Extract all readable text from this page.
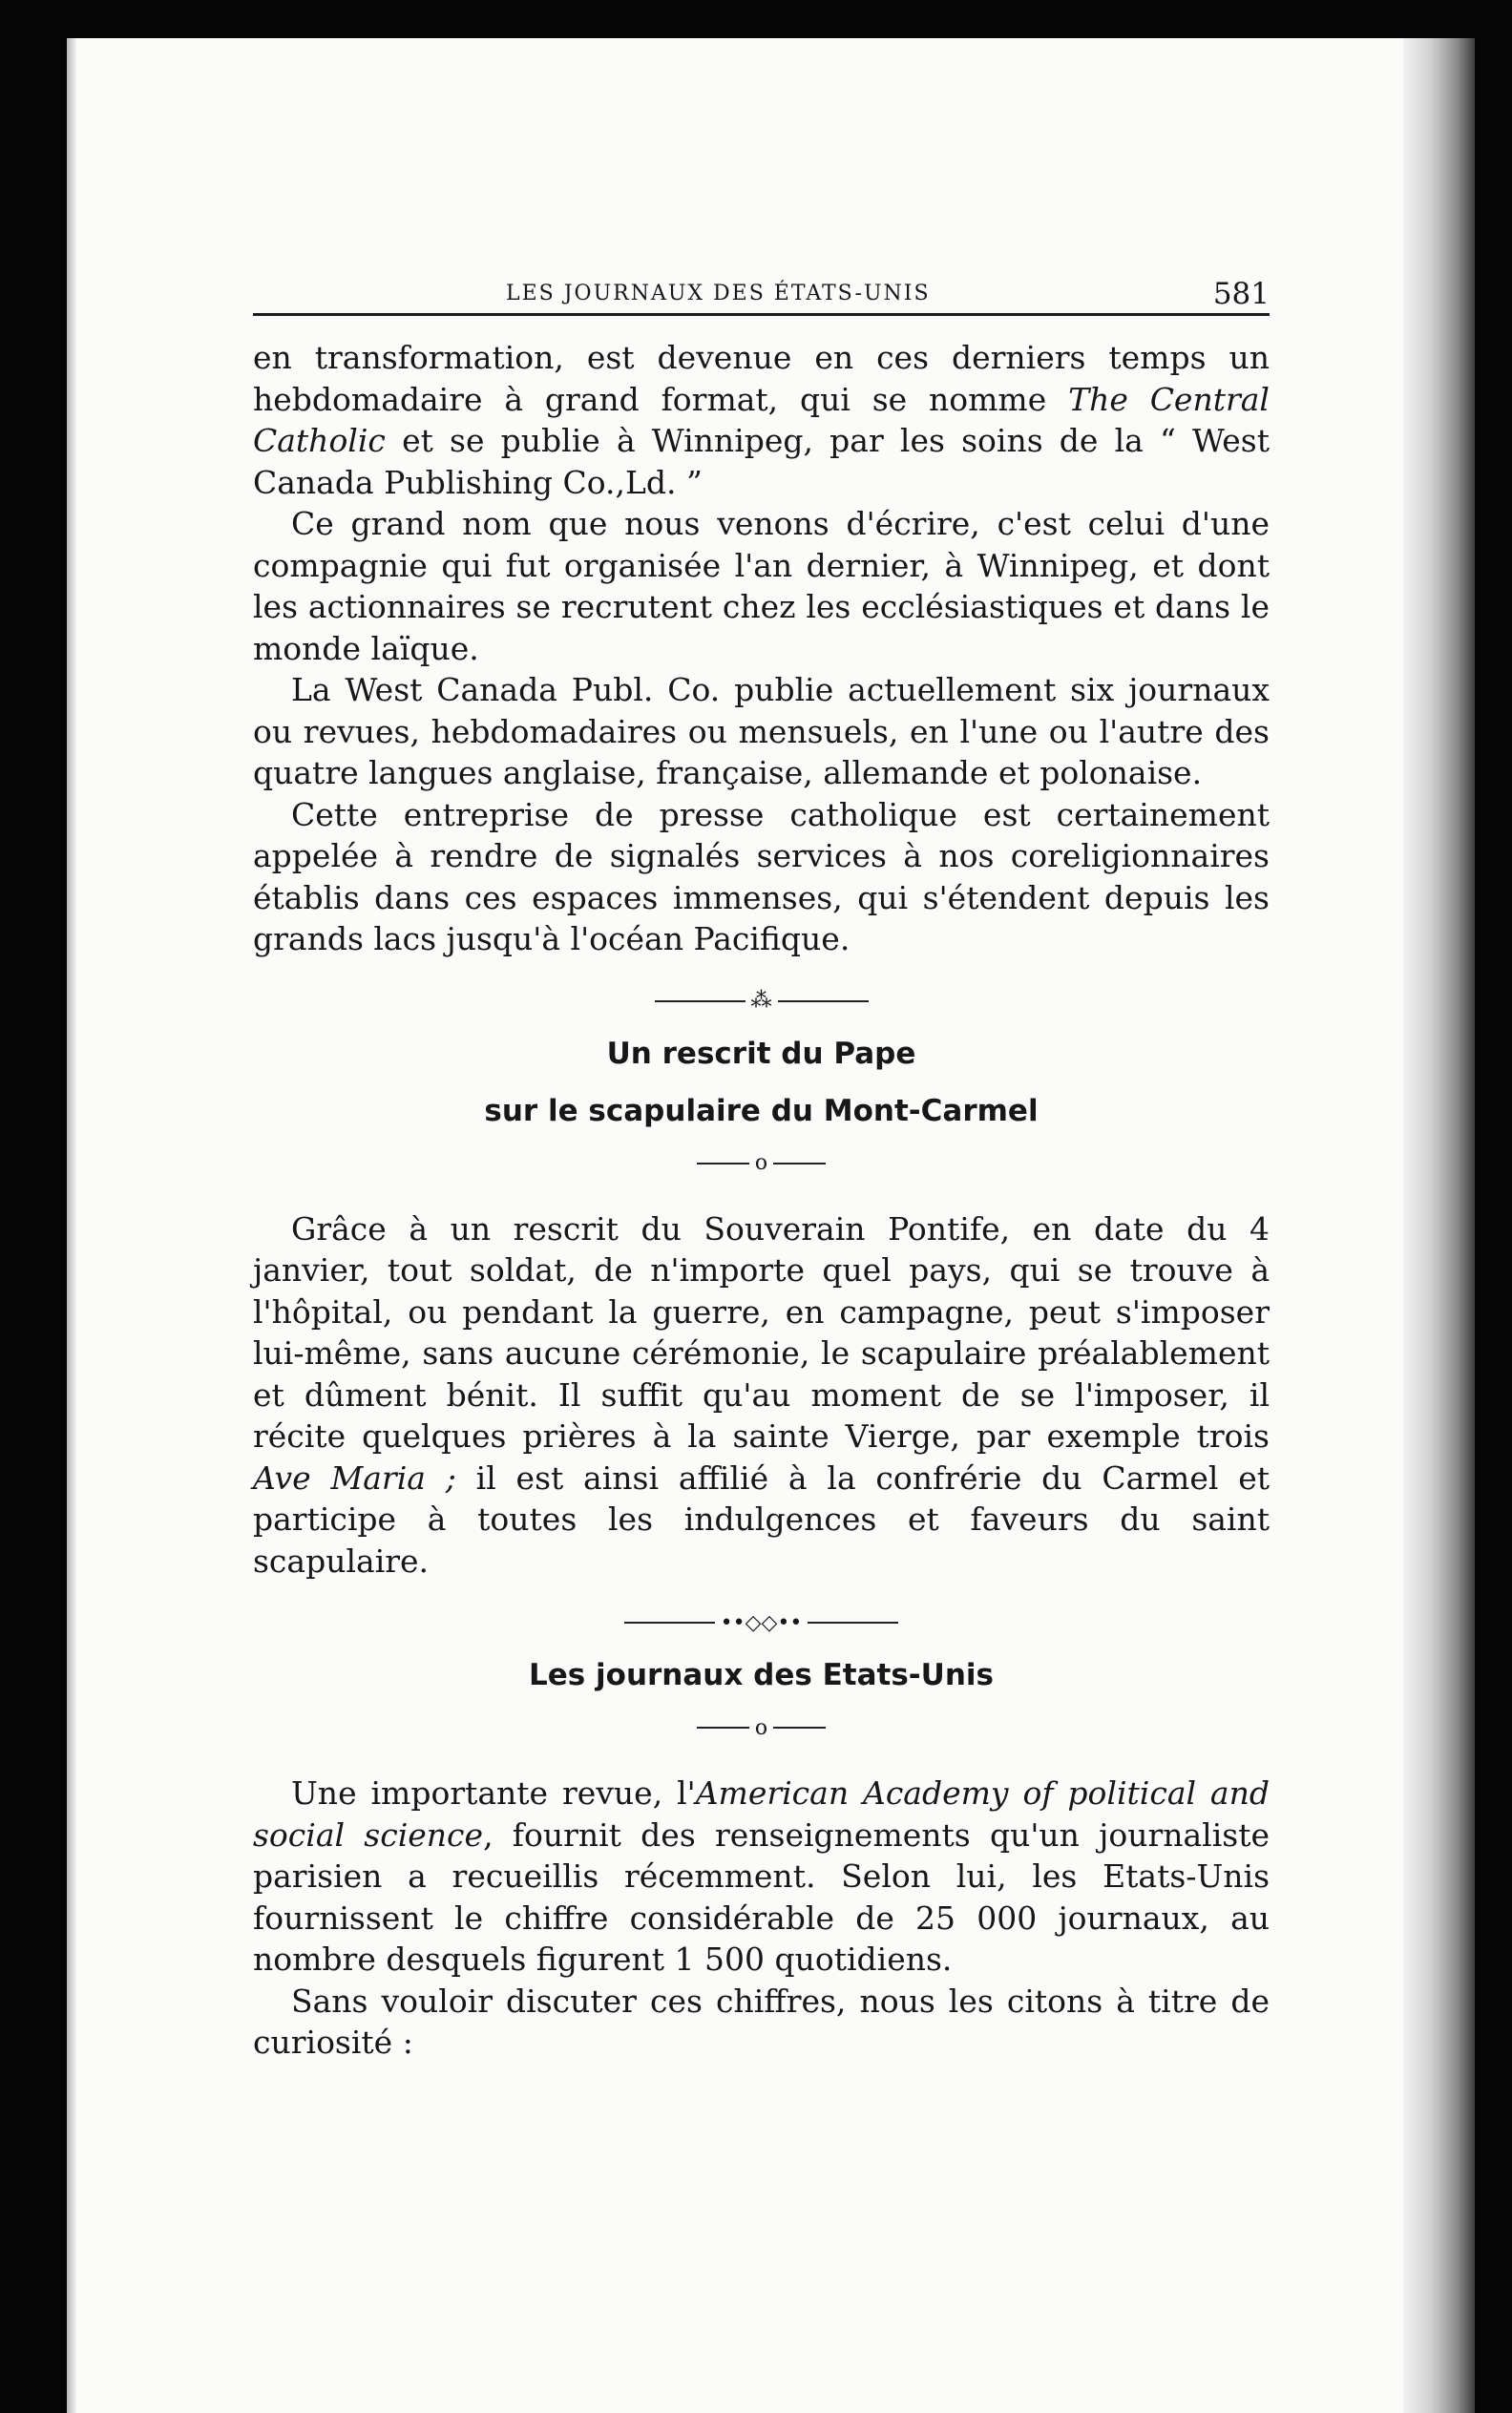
LES JOURNAUX DES ÉTATS-UNIS	581

en transformation, est devenue en ces derniers temps un hebdomadaire à grand format, qui se nomme The Central Catholic et se publie à Winnipeg, par les soins de la “ West Canada Publishing Co.,Ld. ”

Ce grand nom que nous venons d'écrire, c'est celui d'une compagnie qui fut organisée l'an dernier, à Winnipeg, et dont les actionnaires se recrutent chez les ecclésiastiques et dans le monde laïque.

La West Canada Publ. Co. publie actuellement six journaux ou revues, hebdomadaires ou mensuels, en l'une ou l'autre des quatre langues anglaise, française, allemande et polonaise.

Cette entreprise de presse catholique est certainement appelée à rendre de signalés services à nos coreligionnaires établis dans ces espaces immenses, qui s'étendent depuis les grands lacs jusqu'à l'océan Pacifique.

⁂
Un rescrit du Pape
sur le scapulaire du Mont-Carmel
o

Grâce à un rescrit du Souverain Pontife, en date du 4 janvier, tout soldat, de n'importe quel pays, qui se trouve à l'hôpital, ou pendant la guerre, en campagne, peut s'imposer lui-même, sans aucune cérémonie, le scapulaire préalablement et dûment bénit. Il suffit qu'au moment de se l'imposer, il récite quelques prières à la sainte Vierge, par exemple trois Ave Maria ; il est ainsi affilié à la confrérie du Carmel et participe à toutes les indulgences et faveurs du saint scapulaire.

••◇◇••
Les journaux des Etats-Unis
o

Une importante revue, l'American Academy of political and social science, fournit des renseignements qu'un journaliste parisien a recueillis récemment. Selon lui, les Etats-Unis fournissent le chiffre considérable de 25 000 journaux, au nombre desquels figurent 1 500 quotidiens.

Sans vouloir discuter ces chiffres, nous les citons à titre de curiosité :
